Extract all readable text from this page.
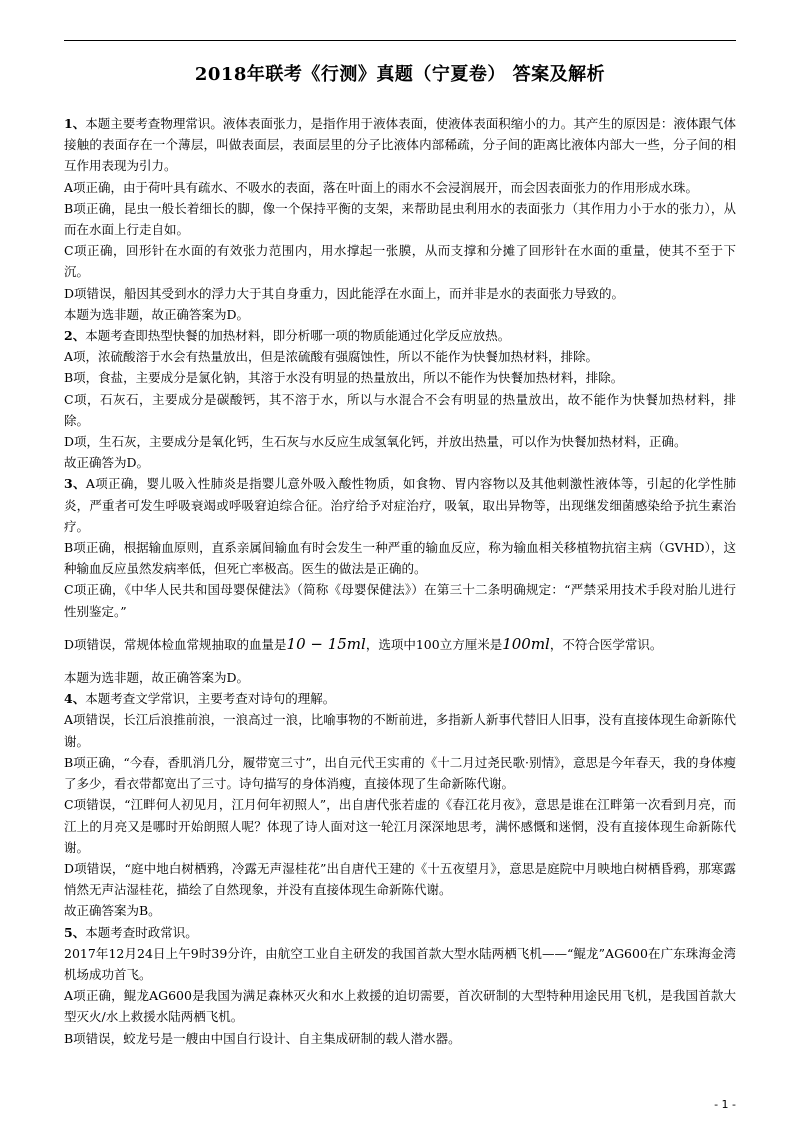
2018年联考《行测》真题（宁夏卷） 答案及解析

1、本题主要考查物理常识。液体表面张力，是指作用于液体表面，使液体表面积缩小的力。其产生的原因是：液体跟气体接触的表面存在一个薄层，叫做表面层，表面层里的分子比液体内部稀疏，分子间的距离比液体内部大一些，分子间的相互作用表现为引力。

A项正确，由于荷叶具有疏水、不吸水的表面，落在叶面上的雨水不会浸润展开，而会因表面张力的作用形成水珠。

B项正确，昆虫一般长着细长的脚，像一个保持平衡的支架，来帮助昆虫利用水的表面张力（其作用力小于水的张力），从而在水面上行走自如。

C项正确，回形针在水面的有效张力范围内，用水撑起一张膜，从而支撑和分摊了回形针在水面的重量，使其不至于下沉。

D项错误，船因其受到水的浮力大于其自身重力，因此能浮在水面上，而并非是水的表面张力导致的。

本题为选非题，故正确答案为D。

2、本题考查即热型快餐的加热材料，即分析哪一项的物质能通过化学反应放热。

A项，浓硫酸溶于水会有热量放出，但是浓硫酸有强腐蚀性，所以不能作为快餐加热材料，排除。

B项，食盐，主要成分是氯化钠，其溶于水没有明显的热量放出，所以不能作为快餐加热材料，排除。

C项，石灰石，主要成分是碳酸钙，其不溶于水，所以与水混合不会有明显的热量放出，故不能作为快餐加热材料，排除。

D项，生石灰，主要成分是氧化钙，生石灰与水反应生成氢氧化钙，并放出热量，可以作为快餐加热材料，正确。

故正确答为D。

3、A项正确，婴儿吸入性肺炎是指婴儿意外吸入酸性物质，如食物、胃内容物以及其他刺激性液体等，引起的化学性肺炎，严重者可发生呼吸衰竭或呼吸窘迫综合征。治疗给予对症治疗，吸氧，取出异物等，出现继发细菌感染给予抗生素治疗。

B项正确，根据输血原则，直系亲属间输血有时会发生一种严重的输血反应，称为输血相关移植物抗宿主病（GVHD），这种输血反应虽然发病率低，但死亡率极高。医生的做法是正确的。

C项正确，《中华人民共和国母婴保健法》（简称《母婴保健法》）在第三十二条明确规定：“严禁采用技术手段对胎儿进行性别鉴定。”

D项错误，常规体检血常规抽取的血量是10 − 15ml，选项中100立方厘米是100ml，不符合医学常识。

本题为选非题，故正确答案为D。

4、本题考查文学常识，主要考查对诗句的理解。

A项错误，长江后浪推前浪，一浪高过一浪，比喻事物的不断前进，多指新人新事代替旧人旧事，没有直接体现生命新陈代谢。

B项正确，“今春，香肌消几分，履带宽三寸”，出自元代王实甫的《十二月过尧民歌·别情》，意思是今年春天，我的身体瘦了多少，看衣带都宽出了三寸。诗句描写的身体消瘦，直接体现了生命新陈代谢。

C项错误，“江畔何人初见月，江月何年初照人”，出自唐代张若虚的《春江花月夜》，意思是谁在江畔第一次看到月亮，而江上的月亮又是哪时开始朗照人呢？体现了诗人面对这一轮江月深深地思考，满怀感慨和迷惘，没有直接体现生命新陈代谢。

D项错误，“庭中地白树栖鸦，冷露无声湿桂花”出自唐代王建的《十五夜望月》，意思是庭院中月映地白树栖昏鸦，那寒露悄然无声沾湿桂花，描绘了自然现象，并没有直接体现生命新陈代谢。

故正确答案为B。

5、本题考查时政常识。

2017年12月24日上午9时39分许，由航空工业自主研发的我国首款大型水陆两栖飞机——“鲲龙”AG600在广东珠海金湾机场成功首飞。

A项正确，鲲龙AG600是我国为满足森林灭火和水上救援的迫切需要，首次研制的大型特种用途民用飞机，是我国首款大型灭火/水上救援水陆两栖飞机。

B项错误，蛟龙号是一艘由中国自行设计、自主集成研制的载人潜水器。

- 1 -
